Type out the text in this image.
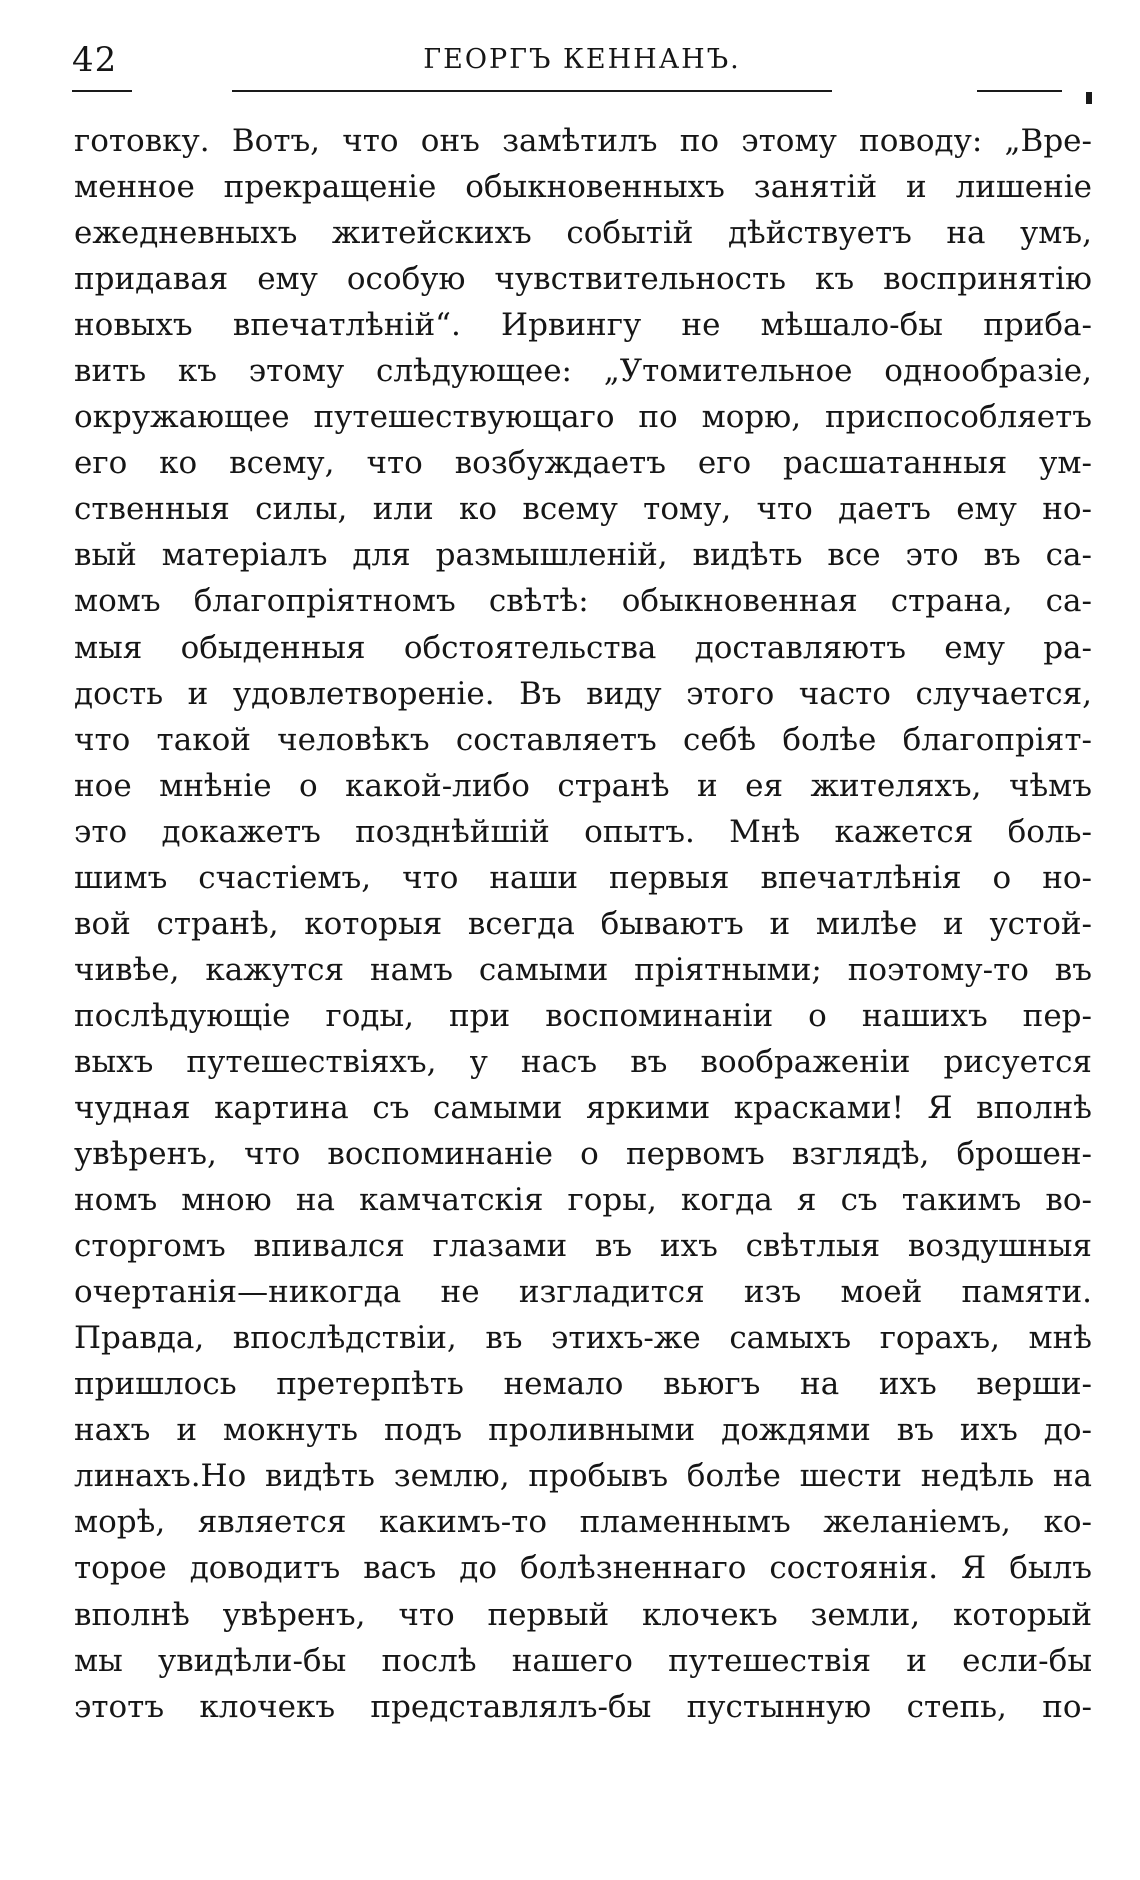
42	ГЕОРГЪ КЕННАНЪ.
готовку. Вотъ, что онъ замѣтилъ по этому поводу: „Вре-
менное прекращеніе обыкновенныхъ занятій и лишеніе
ежедневныхъ житейскихъ событій дѣйствуетъ на умъ,
придавая ему особую чувствительность къ воспринятію
новыхъ впечатлѣній“. Ирвингу не мѣшало-бы приба-
вить къ этому слѣдующее: „Утомительное однообразіе,
окружающее путешествующаго по морю, приспособляетъ
его ко всему, что возбуждаетъ его расшатанныя ум-
ственныя силы, или ко всему тому, что даетъ ему но-
вый матеріалъ для размышленій, видѣть все это въ са-
момъ благопріятномъ свѣтѣ: обыкновенная страна, са-
мыя обыденныя обстоятельства доставляютъ ему ра-
дость и удовлетвореніе. Въ виду этого часто случается,
что такой человѣкъ составляетъ себѣ болѣе благопріят-
ное мнѣніе о какой-либо странѣ и ея жителяхъ, чѣмъ
это докажетъ позднѣйшій опытъ. Мнѣ кажется боль-
шимъ счастіемъ, что наши первыя впечатлѣнія о но-
вой странѣ, которыя всегда бываютъ и милѣе и устой-
чивѣе, кажутся намъ самыми пріятными; поэтому-то въ
послѣдующіе годы, при воспоминаніи о нашихъ пер-
выхъ путешествіяхъ, у насъ въ воображеніи рисуется
чудная картина съ самыми яркими красками! Я вполнѣ
увѣренъ, что воспоминаніе о первомъ взглядѣ, брошен-
номъ мною на камчатскія горы, когда я съ такимъ во-
сторгомъ впивался глазами въ ихъ свѣтлыя воздушныя
очертанія—никогда не изгладится изъ моей памяти.
Правда, впослѣдствіи, въ этихъ-же самыхъ горахъ, мнѣ
пришлось претерпѣть немало вьюгъ на ихъ верши-
нахъ и мокнуть подъ проливными дождями въ ихъ до-
линахъ.Но видѣть землю, пробывъ болѣе шести недѣль на
морѣ, является какимъ-то пламеннымъ желаніемъ, ко-
торое доводитъ васъ до болѣзненнаго состоянія. Я былъ
вполнѣ увѣренъ, что первый клочекъ земли, который
мы увидѣли-бы послѣ нашего путешествія и если-бы
этотъ клочекъ представлялъ-бы пустынную степь, по-
